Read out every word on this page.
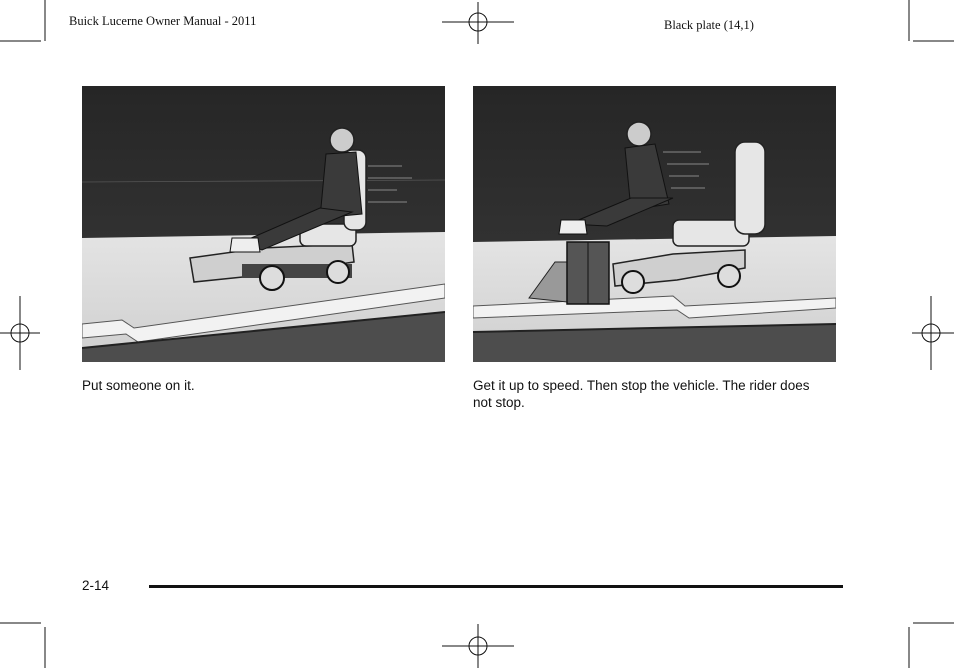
Buick Lucerne Owner Manual - 2011	Black plate (14,1)
Put someone on it.	Get it up to speed. Then stop the vehicle. The rider does not stop.
2-14
